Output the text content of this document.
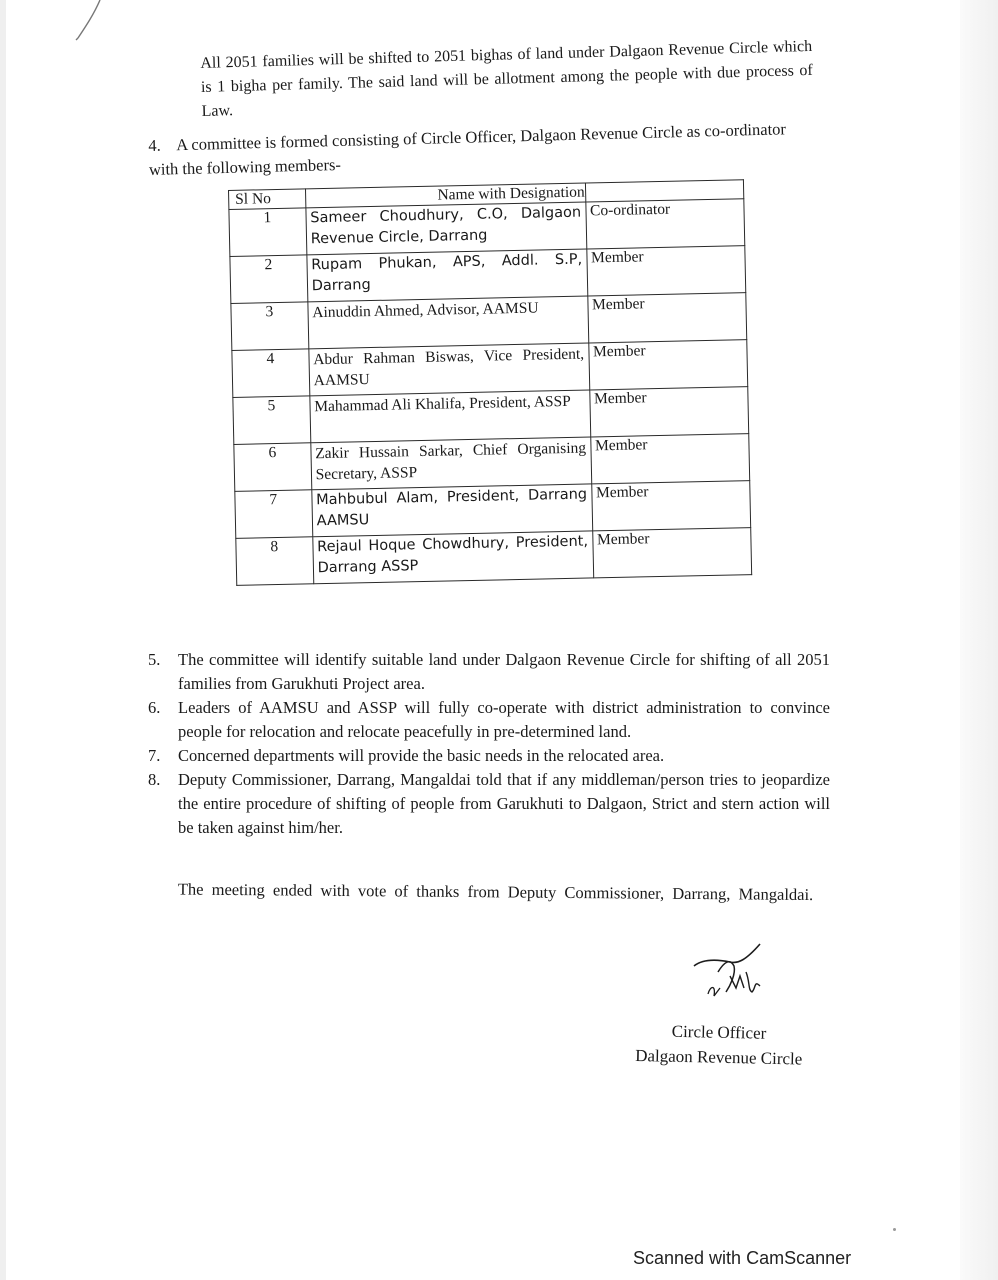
All 2051 families will be shifted to 2051 bighas of land under Dalgaon Revenue Circle which is 1 bigha per family. The said land will be allotment among the people with due process of Law.

4. A committee is formed consisting of Circle Officer, Dalgaon Revenue Circle as co-ordinator with the following members-
Sl No	Name with Designation	
1	Sameer Choudhury, C.O, Dalgaon Revenue Circle, Darrang	Co-ordinator
2	Rupam Phukan, APS, Addl. S.P, Darrang	Member
3	Ainuddin Ahmed, Advisor, AAMSU	Member
4	Abdur Rahman Biswas, Vice President, AAMSU	Member
5	Mahammad Ali Khalifa, President, ASSP	Member
6	Zakir Hussain Sarkar, Chief Organising Secretary, ASSP	Member
7	Mahbubul Alam, President, Darrang AAMSU	Member
8	Rejaul Hoque Chowdhury, President, Darrang ASSP	Member
5. The committee will identify suitable land under Dalgaon Revenue Circle for shifting of all 2051 families from Garukhuti Project area.
6. Leaders of AAMSU and ASSP will fully co-operate with district administration to convince people for relocation and relocate peacefully in pre-determined land.
7. Concerned departments will provide the basic needs in the relocated area.
8. Deputy Commissioner, Darrang, Mangaldai told that if any middleman/person tries to jeopardize the entire procedure of shifting of people from Garukhuti to Dalgaon, Strict and stern action will be taken against him/her.

The meeting ended with vote of thanks from Deputy Commissioner, Darrang, Mangaldai.

Circle Officer
Dalgaon Revenue Circle
Scanned with CamScanner
